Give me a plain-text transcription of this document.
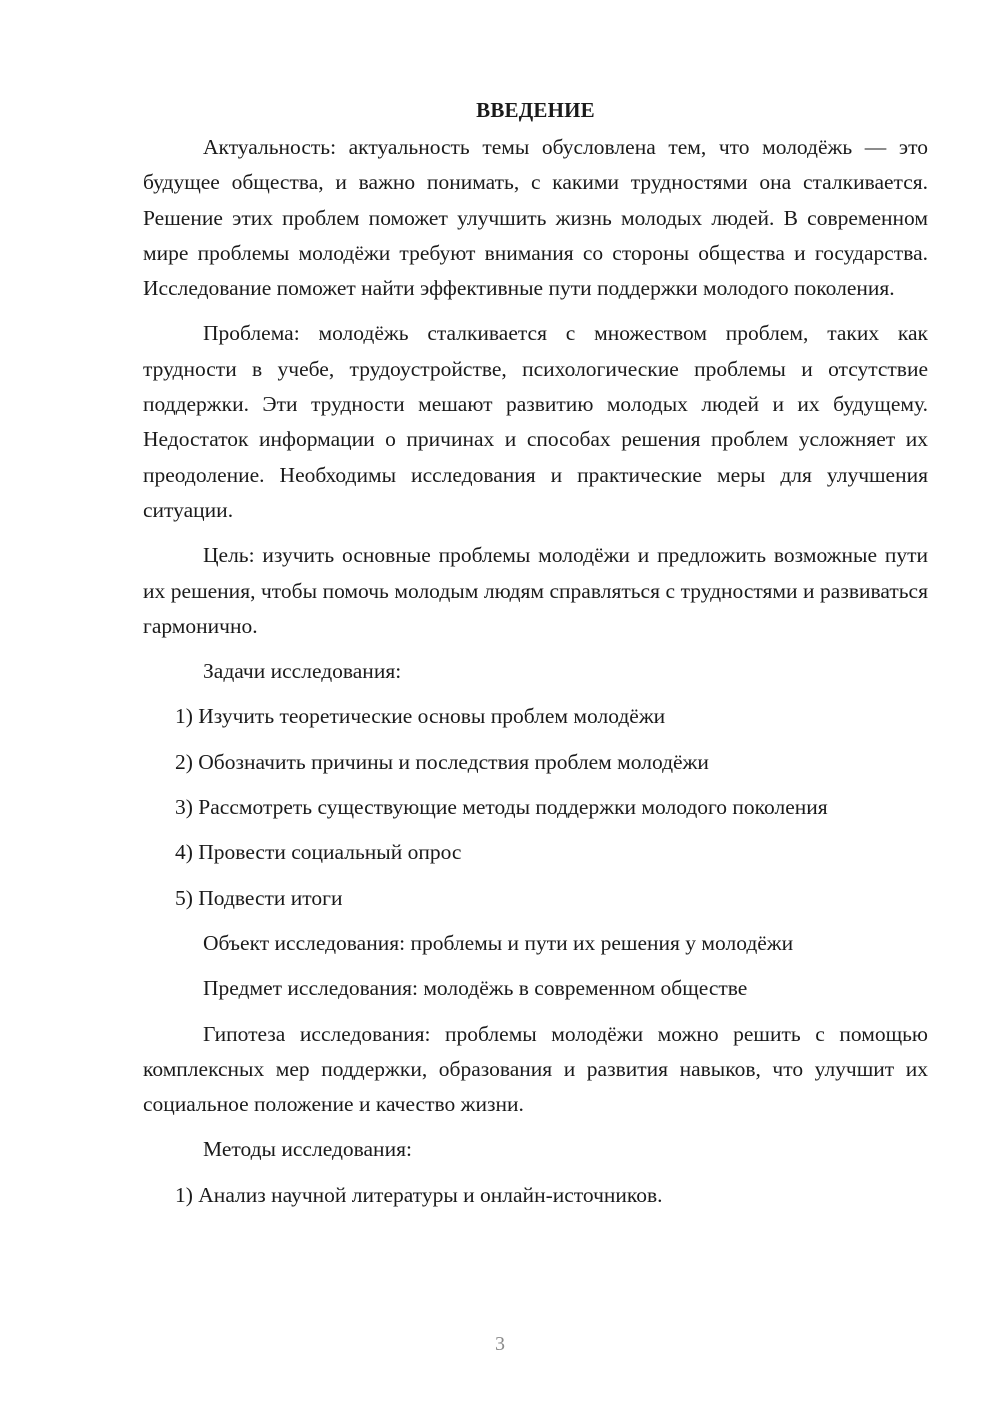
ВВЕДЕНИЕ

Актуальность: актуальность темы обусловлена тем, что молодёжь — это будущее общества, и важно понимать, с какими трудностями она сталкивается. Решение этих проблем поможет улучшить жизнь молодых людей. В современном мире проблемы молодёжи требуют внимания со стороны общества и государства. Исследование поможет найти эффективные пути поддержки молодого поколения.

Проблема: молодёжь сталкивается с множеством проблем, таких как трудности в учебе, трудоустройстве, психологические проблемы и отсутствие поддержки. Эти трудности мешают развитию молодых людей и их будущему. Недостаток информации о причинах и способах решения проблем усложняет их преодоление. Необходимы исследования и практические меры для улучшения ситуации.

Цель: изучить основные проблемы молодёжи и предложить возможные пути их решения, чтобы помочь молодым людям справляться с трудностями и развиваться гармонично.

Задачи исследования:

1) Изучить теоретические основы проблем молодёжи

2) Обозначить причины и последствия проблем молодёжи

3) Рассмотреть существующие методы поддержки молодого поколения

4) Провести социальный опрос

5) Подвести итоги

Объект исследования: проблемы и пути их решения у молодёжи

Предмет исследования: молодёжь в современном обществе

Гипотеза исследования: проблемы молодёжи можно решить с помощью комплексных мер поддержки, образования и развития навыков, что улучшит их социальное положение и качество жизни.

Методы исследования:

1) Анализ научной литературы и онлайн-источников.

3
